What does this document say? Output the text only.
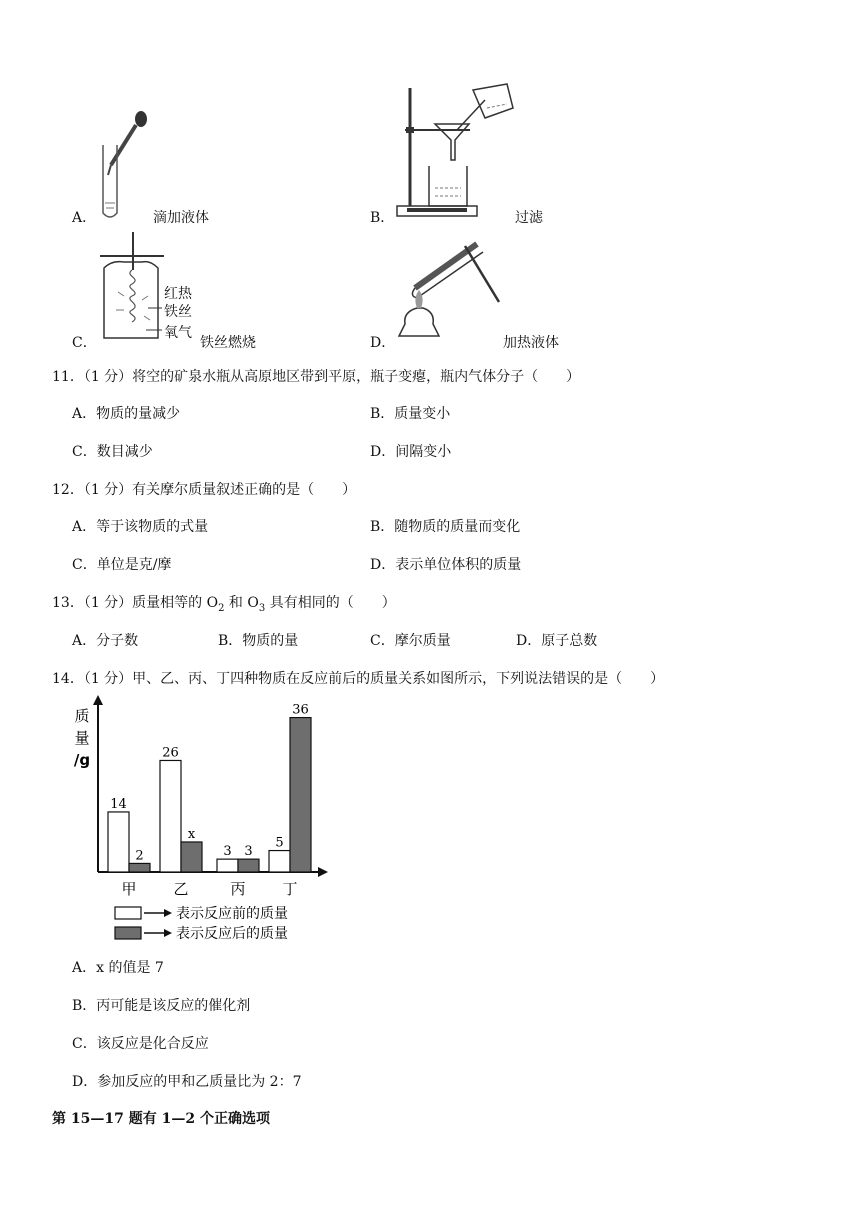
A．	滴加液体	B．	过滤
红热
铁丝
氧气
C．	铁丝燃烧	D．	加热液体
11．（1 分）将空的矿泉水瓶从高原地区带到平原，瓶子变瘪，瓶内气体分子（　　）
A．物质的量减少	B．质量变小
C．数目减少	D．间隔变小
12．（1 分）有关摩尔质量叙述正确的是（　　）
A．等于该物质的式量	B．随物质的质量而变化
C．单位是克/摩	D．表示单位体积的质量
13．（1 分）质量相等的 $O_2$ 和 $O_3$ 具有相同的（　　）
A．分子数	B．物质的量	C．摩尔质量	D．原子总数
14．（1 分）甲、乙、丙、丁四种物质在反应前后的质量关系如图所示，下列说法错误的是（　　）
质
量
/g
14
2
甲
26
x
乙
3 3
丙
5
36
丁
表示反应前的质量
表示反应后的质量
A．x 的值是 7
B．丙可能是该反应的催化剂
C．该反应是化合反应
D．参加反应的甲和乙质量比为 2：7
第 15—17 题有 1—2 个正确选项
